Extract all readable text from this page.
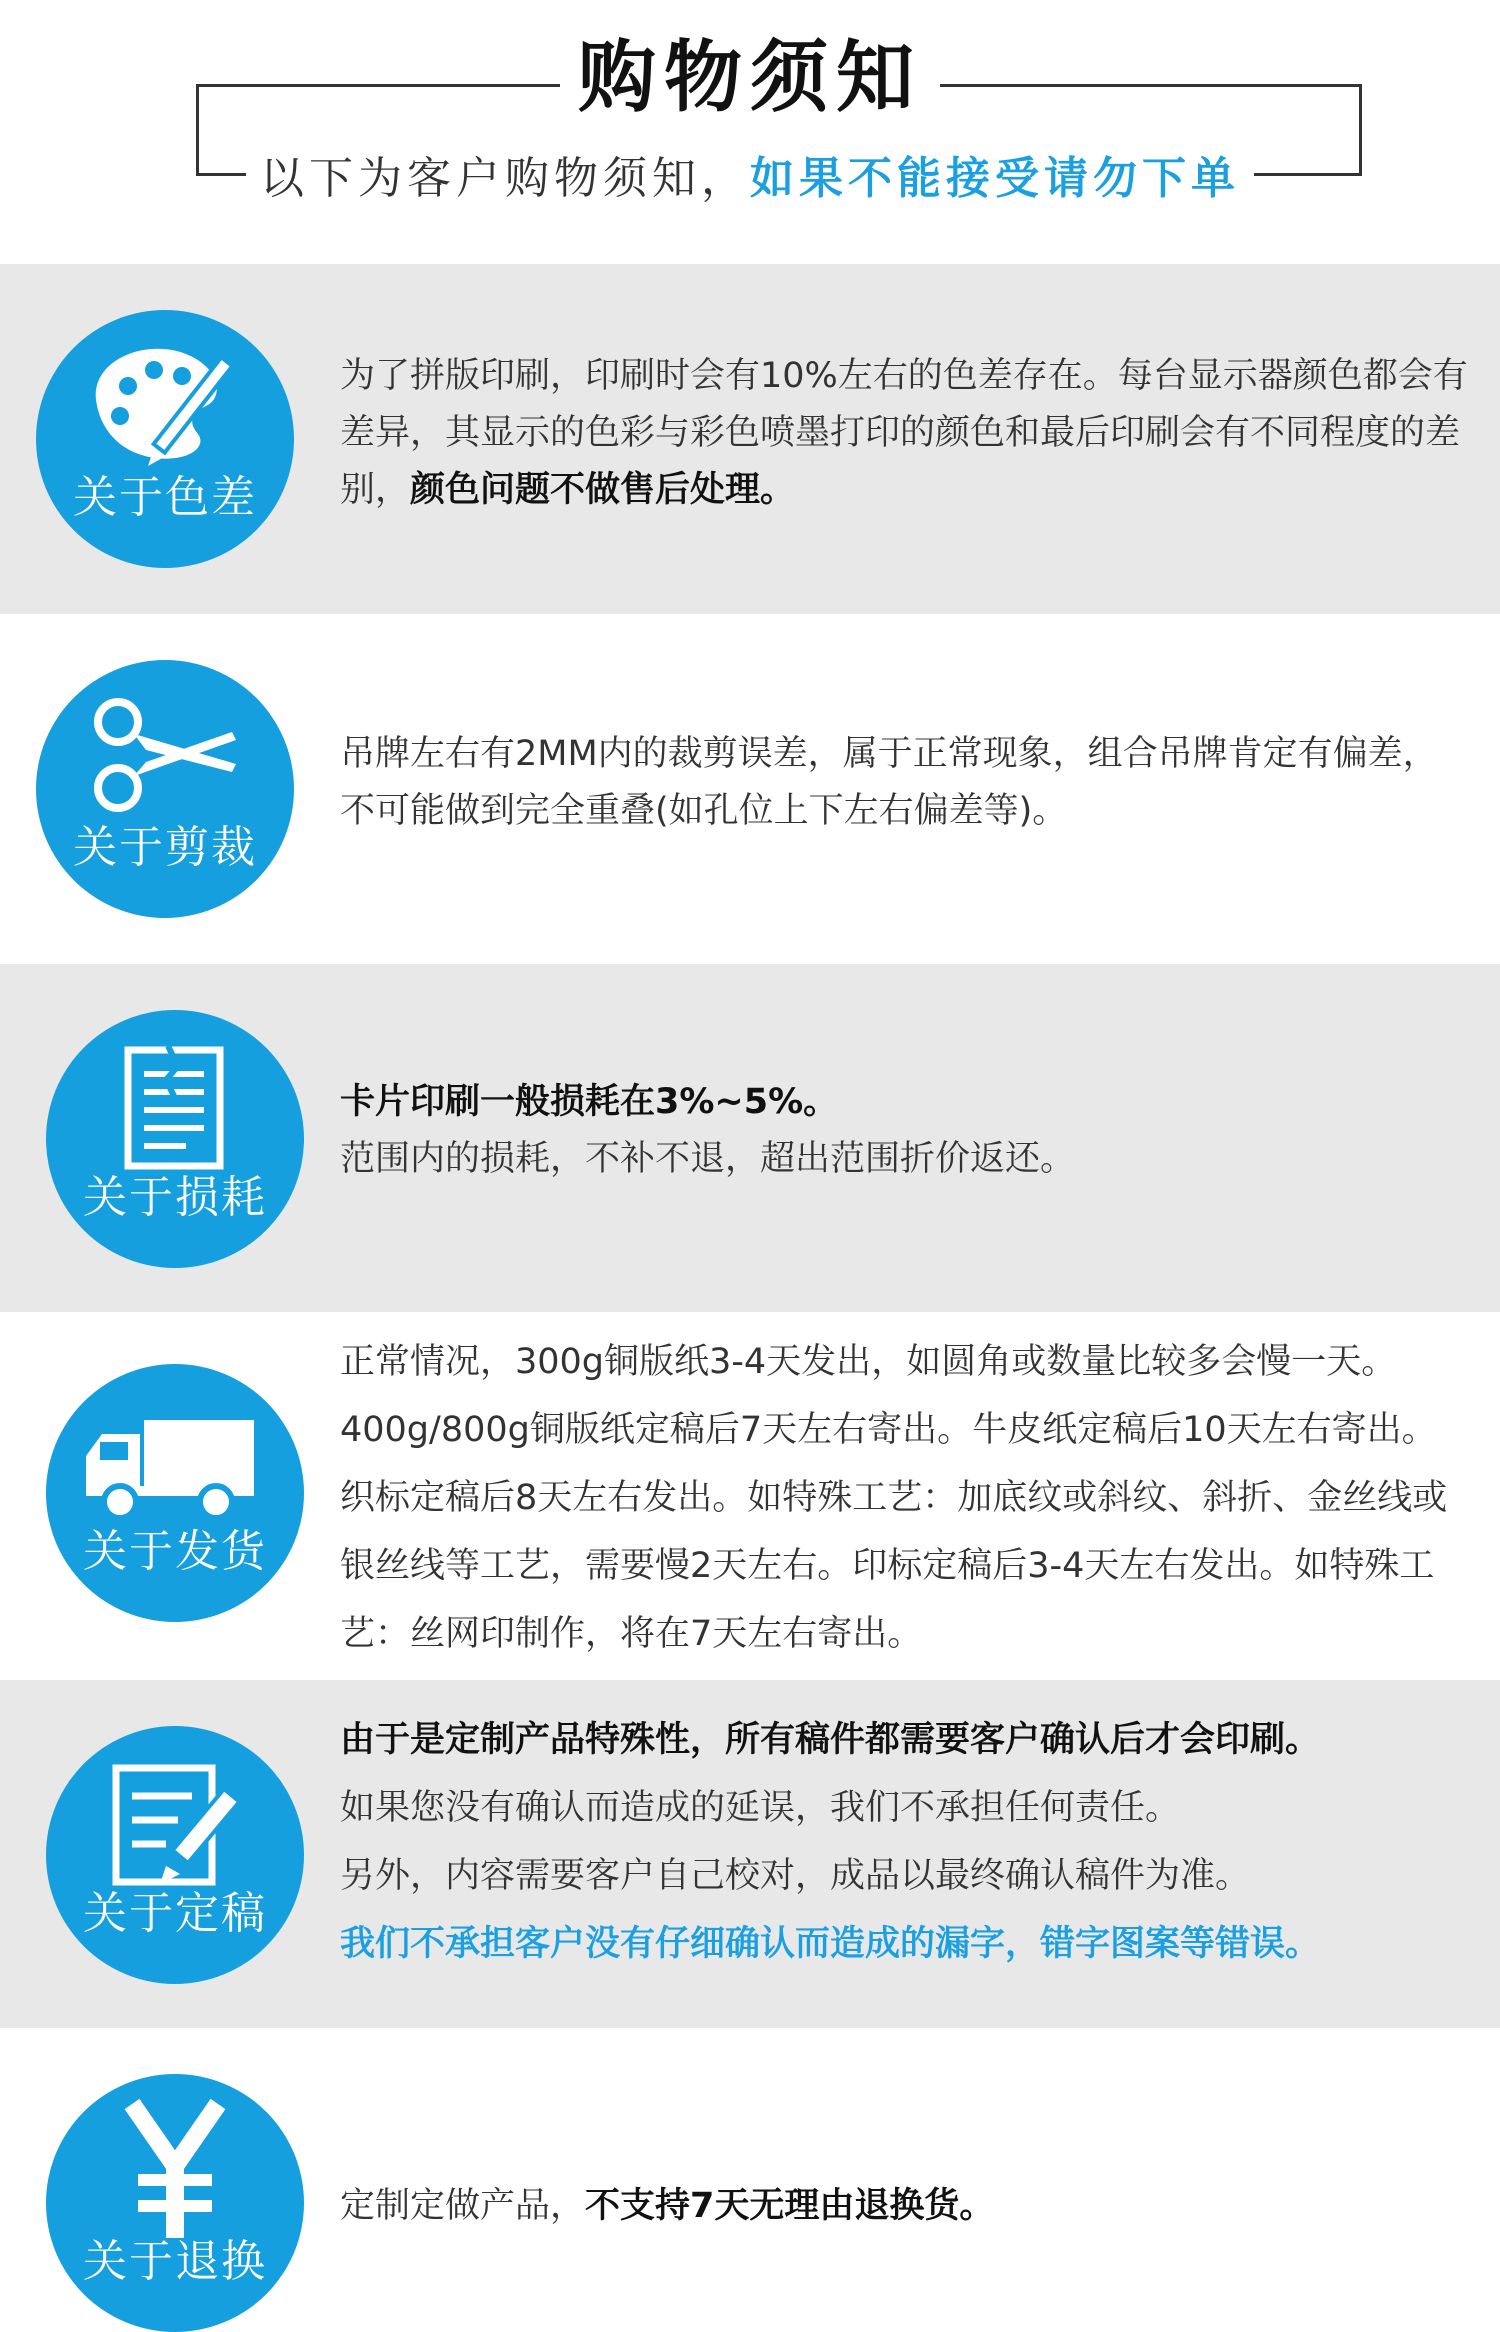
购物须知
以下为客户购物须知，如果不能接受请勿下单
关于色差
为了拼版印刷，印刷时会有10%左右的色差存在。每台显示器颜色都会有差异，其显示的色彩与彩色喷墨打印的颜色和最后印刷会有不同程度的差别，颜色问题不做售后处理。
关于剪裁
吊牌左右有2MM内的裁剪误差，属于正常现象，组合吊牌肯定有偏差，不可能做到完全重叠(如孔位上下左右偏差等)。
关于损耗

卡片印刷一般损耗在3%~5%。

范围内的损耗，不补不退，超出范围折价返还。

关于发货
正常情况，300g铜版纸3-4天发出，如圆角或数量比较多会慢一天。400g/800g铜版纸定稿后7天左右寄出。牛皮纸定稿后10天左右寄出。织标定稿后8天左右发出。如特殊工艺：加底纹或斜纹、斜折、金丝线或银丝线等工艺，需要慢2天左右。印标定稿后3-4天左右发出。如特殊工艺：丝网印制作，将在7天左右寄出。
关于定稿

由于是定制产品特殊性，所有稿件都需要客户确认后才会印刷。

如果您没有确认而造成的延误，我们不承担任何责任。

另外，内容需要客户自己校对，成品以最终确认稿件为准。

我们不承担客户没有仔细确认而造成的漏字，错字图案等错误。

关于退换
定制定做产品，不支持7天无理由退换货。
